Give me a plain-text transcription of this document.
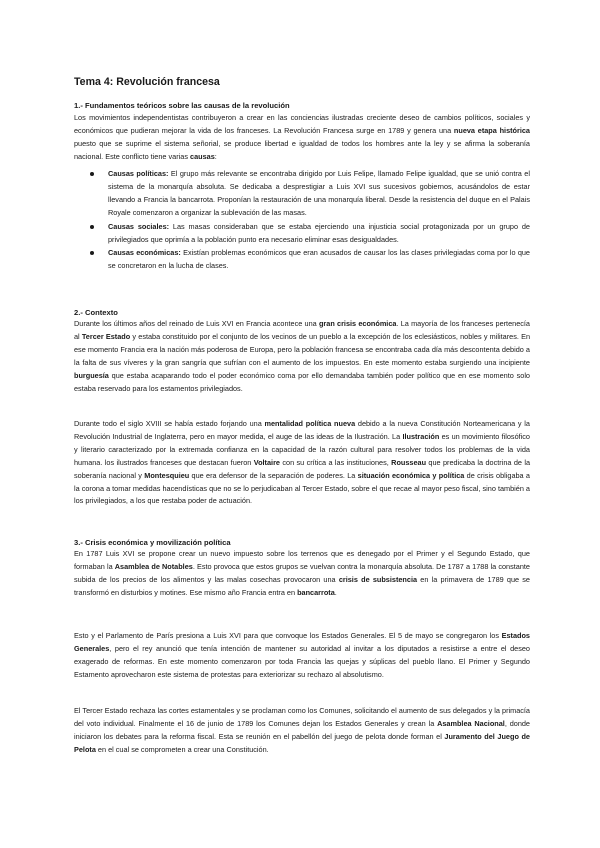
Tema 4: Revolución francesa
1.- Fundamentos teóricos sobre las causas de la revolución

Los movimientos independentistas contribuyeron a crear en las conciencias ilustradas creciente deseo de cambios políticos, sociales y económicos que pudieran mejorar la vida de los franceses. La Revolución Francesa surge en 1789 y genera una nueva etapa histórica puesto que se suprime el sistema señorial, se produce libertad e igualdad de todos los hombres ante la ley y se afirma la soberanía nacional. Este conflicto tiene varias causas:

Causas políticas: El grupo más relevante se encontraba dirigido por Luis Felipe, llamado Felipe igualdad, que se unió contra el sistema de la monarquía absoluta. Se dedicaba a desprestigiar a Luis XVI sus sucesivos gobiernos, acusándolos de estar llevando a Francia la bancarrota. Proponían la restauración de una monarquía liberal. Desde la resistencia del duque en el Palais Royale comenzaron a organizar la sublevación de las masas.
Causas sociales: Las masas consideraban que se estaba ejerciendo una injusticia social protagonizada por un grupo de privilegiados que oprimía a la población punto era necesario eliminar esas desigualdades.
Causas económicas: Existían problemas económicos que eran acusados de causar los las clases privilegiadas coma por lo que se concretaron en la lucha de clases.
2.- Contexto

Durante los últimos años del reinado de Luis XVI en Francia acontece una gran crisis económica. La mayoría de los franceses pertenecía al Tercer Estado y estaba constituido por el conjunto de los vecinos de un pueblo a la excepción de los eclesiásticos, nobles y militares. En ese momento Francia era la nación más poderosa de Europa, pero la población francesa se encontraba cada día más descontenta debido a la falta de sus víveres y la gran sangría que sufrían con el aumento de los impuestos. En este momento estaba surgiendo una incipiente burguesía que estaba acaparando todo el poder económico coma por ello demandaba también poder político que en ese momento solo estaba reservado para los estamentos privilegiados.

Durante todo el siglo XVIII se había estado forjando una mentalidad política nueva debido a la nueva Constitución Norteamericana y la Revolución Industrial de Inglaterra, pero en mayor medida, el auge de las ideas de la Ilustración. La Ilustración es un movimiento filosófico y literario caracterizado por la extremada confianza en la capacidad de la razón cultural para resolver todos los problemas de la vida humana. los ilustrados franceses que destacan fueron Voltaire con su crítica a las instituciones, Rousseau que predicaba la doctrina de la soberanía nacional y Montesquieu que era defensor de la separación de poderes. La situación económica y política de crisis obligaba a la corona a tomar medidas hacendísticas que no se lo perjudicaban al Tercer Estado, sobre el que recae al mayor peso fiscal, sino también a los privilegiados, a los que restaba poder de actuación.

3.- Crisis económica y movilización política

En 1787 Luis XVI se propone crear un nuevo impuesto sobre los terrenos que es denegado por el Primer y el Segundo Estado, que formaban la Asamblea de Notables. Esto provoca que estos grupos se vuelvan contra la monarquía absoluta. De 1787 a 1788 la constante subida de los precios de los alimentos y las malas cosechas provocaron una crisis de subsistencia en la primavera de 1789 que se transformó en disturbios y motines. Ese mismo año Francia entra en bancarrota.

Esto y el Parlamento de París presiona a Luis XVI para que convoque los Estados Generales. El 5 de mayo se congregaron los Estados Generales, pero el rey anunció que tenía intención de mantener su autoridad al invitar a los diputados a resistirse a entre el deseo exagerado de reformas. En este momento comenzaron por toda Francia las quejas y súplicas del pueblo llano. El Primer y Segundo Estamento aprovecharon este sistema de protestas para exteriorizar su rechazo al absolutismo.

El Tercer Estado rechaza las cortes estamentales y se proclaman como los Comunes, solicitando el aumento de sus delegados y la primacía del voto individual. Finalmente el 16 de junio de 1789 los Comunes dejan los Estados Generales y crean la Asamblea Nacional, donde iniciaron los debates para la reforma fiscal. Esta se reunión en el pabellón del juego de pelota donde forman el Juramento del Juego de Pelota en el cual se comprometen a crear una Constitución.
